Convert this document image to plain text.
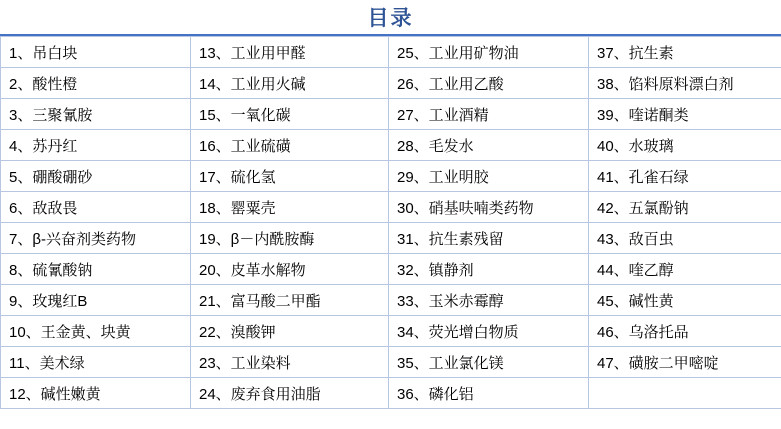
目录
1、吊白块	13、工业用甲醛	25、工业用矿物油	37、抗生素
2、酸性橙	14、工业用火碱	26、工业用乙酸	38、馅料原料漂白剂
3、三聚氰胺	15、一氧化碳	27、工业酒精	39、喹诺酮类
4、苏丹红	16、工业硫磺	28、毛发水	40、水玻璃
5、硼酸硼砂	17、硫化氢	29、工业明胶	41、孔雀石绿
6、敌敌畏	18、罂粟壳	30、硝基呋喃类药物	42、五氯酚钠
7、β-兴奋剂类药物	19、β－内酰胺酶	31、抗生素残留	43、敌百虫
8、硫氰酸钠	20、皮革水解物	32、镇静剂	44、喹乙醇
9、玫瑰红B	21、富马酸二甲酯	33、玉米赤霉醇	45、碱性黄
10、王金黄、块黄	22、溴酸钾	34、荧光增白物质	46、乌洛托品
11、美术绿	23、工业染料	35、工业氯化镁	47、磺胺二甲嘧啶
12、碱性嫩黄	24、废弃食用油脂	36、磷化铝	
